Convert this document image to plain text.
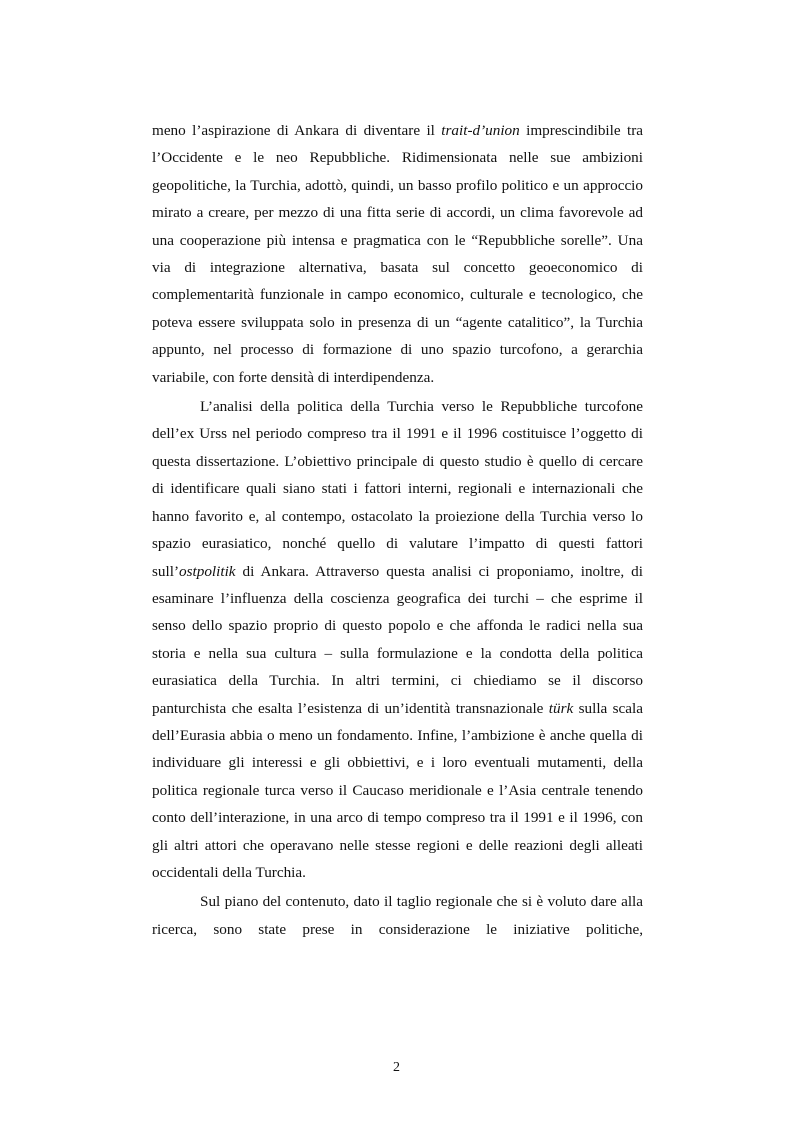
meno l’aspirazione di Ankara di diventare il trait-d’union imprescindibile tra l’Occidente e le neo Repubbliche. Ridimensionata nelle sue ambizioni geopolitiche, la Turchia, adottò, quindi, un basso profilo politico e un approccio mirato a creare, per mezzo di una fitta serie di accordi, un clima favorevole ad una cooperazione più intensa e pragmatica con le “Repubbliche sorelle”. Una via di integrazione alternativa, basata sul concetto geoeconomico di complementarità funzionale in campo economico, culturale e tecnologico, che poteva essere sviluppata solo in presenza di un “agente catalitico”, la Turchia appunto, nel processo di formazione di uno spazio turcofono, a gerarchia variabile, con forte densità di interdipendenza.

L’analisi della politica della Turchia verso le Repubbliche turcofone dell’ex Urss nel periodo compreso tra il 1991 e il 1996 costituisce l’oggetto di questa dissertazione. L’obiettivo principale di questo studio è quello di cercare di identificare quali siano stati i fattori interni, regionali e internazionali che hanno favorito e, al contempo, ostacolato la proiezione della Turchia verso lo spazio eurasiatico, nonché quello di valutare l’impatto di questi fattori sull’ostpolitik di Ankara. Attraverso questa analisi ci proponiamo, inoltre, di esaminare l’influenza della coscienza geografica dei turchi – che esprime il senso dello spazio proprio di questo popolo e che affonda le radici nella sua storia e nella sua cultura – sulla formulazione e la condotta della politica eurasiatica della Turchia. In altri termini, ci chiediamo se il discorso panturchista che esalta l’esistenza di un’identità transnazionale türk sulla scala dell’Eurasia abbia o meno un fondamento. Infine, l’ambizione è anche quella di individuare gli interessi e gli obbiettivi, e i loro eventuali mutamenti, della politica regionale turca verso il Caucaso meridionale e l’Asia centrale tenendo conto dell’interazione, in una arco di tempo compreso tra il 1991 e il 1996, con gli altri attori che operavano nelle stesse regioni e delle reazioni degli alleati occidentali della Turchia.

Sul piano del contenuto, dato il taglio regionale che si è voluto dare alla ricerca, sono state prese in considerazione le iniziative politiche,

2
